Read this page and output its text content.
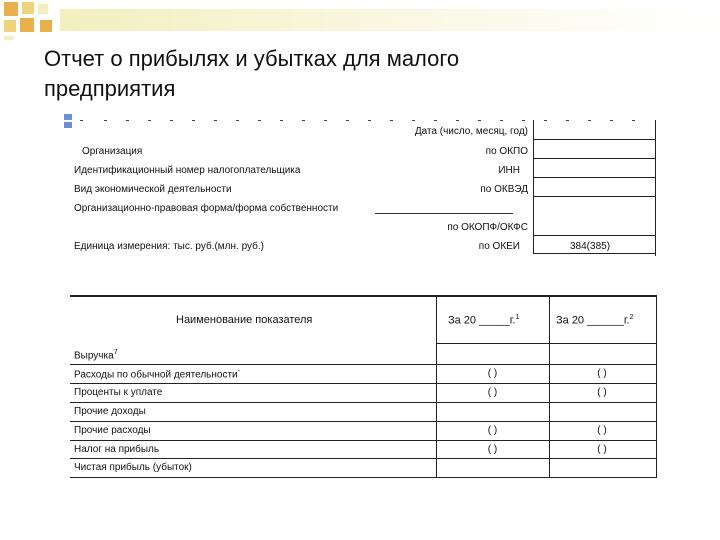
Отчет о прибылях и убытках для малого
предприятия
Дата (число, месяц, год)
Организация	по ОКПО
Идентификационный номер налогоплательщика	ИНН
Вид экономической деятельности	по ОКВЭД
Организационно-правовая форма/форма собственности
по ОКОПФ/ОКФС
Единица измерения: тыс. руб.(млн. руб.)	по ОКЕИ	384(385)
Наименование показателя	За 20 _____г.$^1$	За 20 ______г.$^2$
Выручка$^7$
Расходы по обычной деятельности-	( )	( )
Проценты к уплате	( )	( )
Прочие доходы
Прочие расходы	( )	( )
Налог на прибыль	( )	( )
Чистая прибыль (убыток)
